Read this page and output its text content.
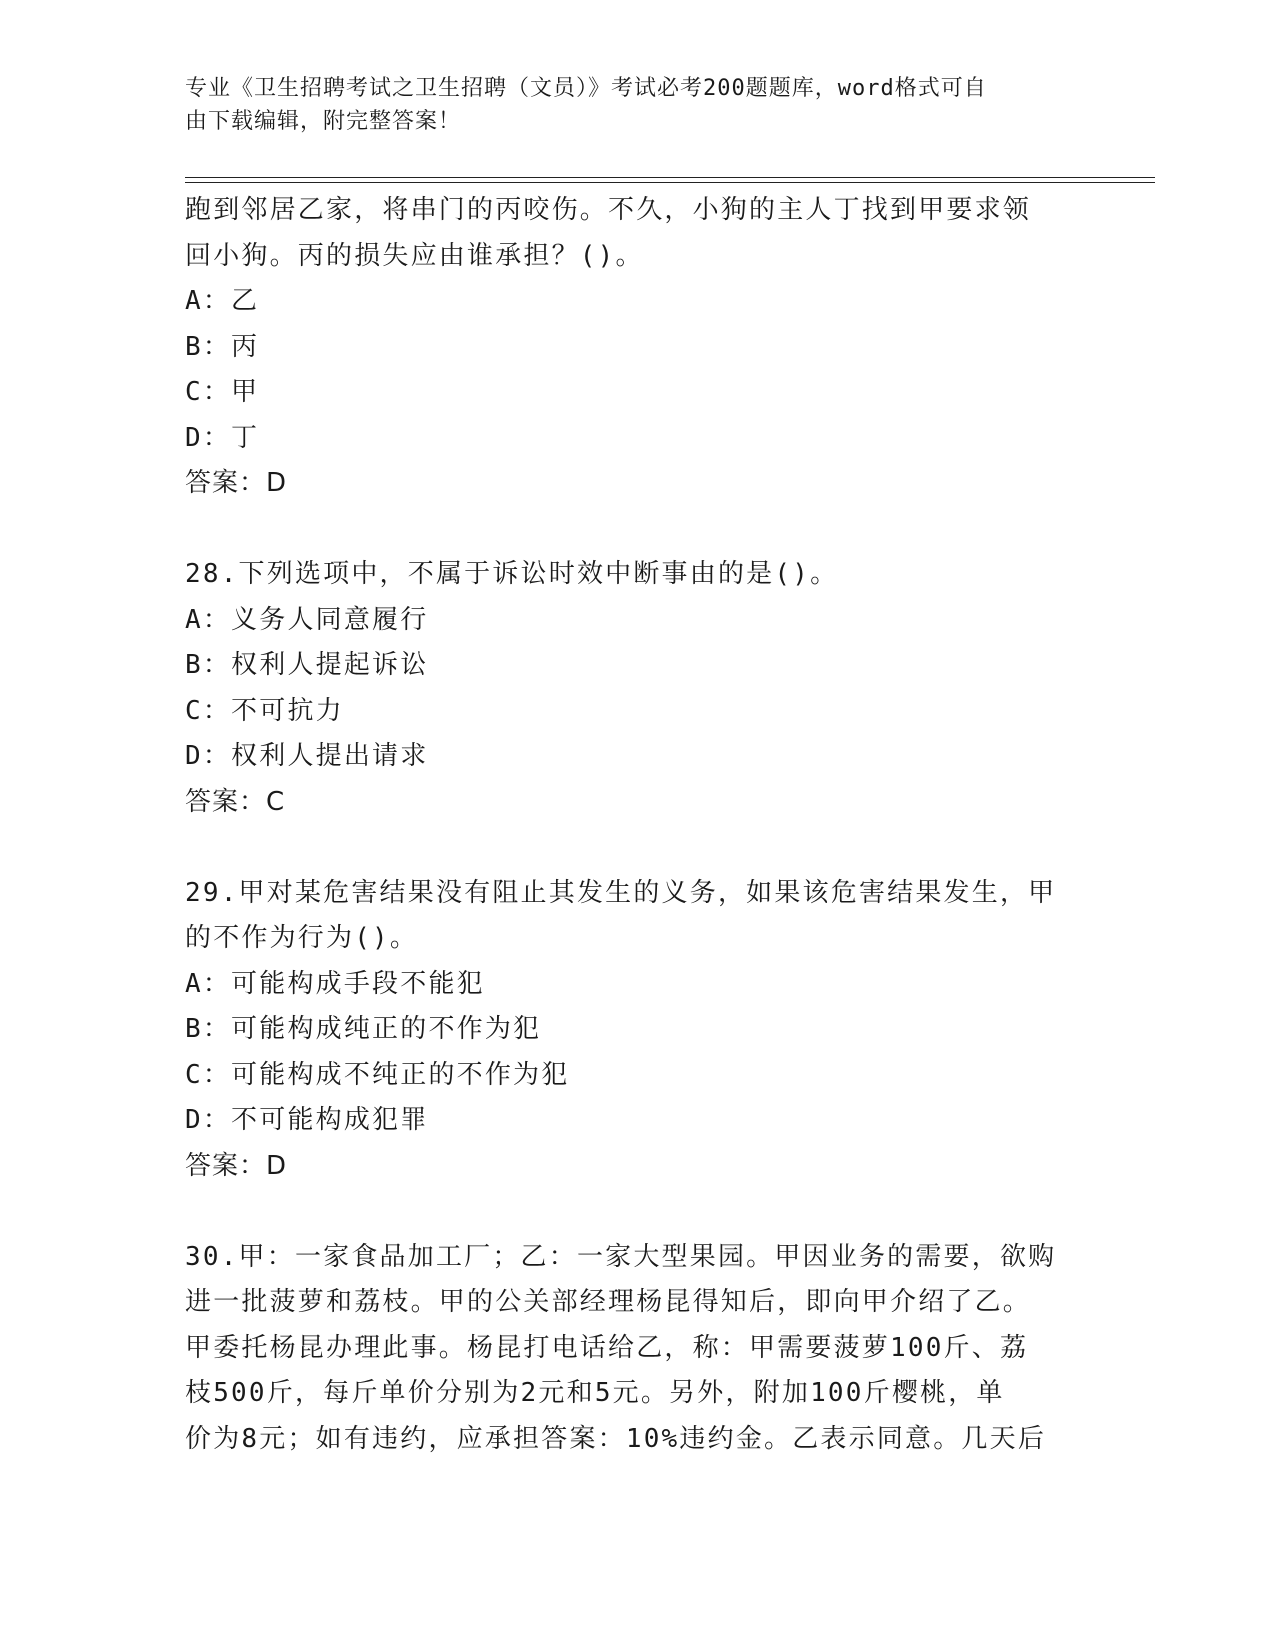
专业《卫生招聘考试之卫生招聘（文员）》考试必考200题题库，word格式可自
由下载编辑，附完整答案！
跑到邻居乙家，将串门的丙咬伤。不久，小狗的主人丁找到甲要求领
回小狗。丙的损失应由谁承担？()。
A：乙
B：丙
C：甲
D：丁
答案：D
28.下列选项中，不属于诉讼时效中断事由的是()。
A：义务人同意履行
B：权利人提起诉讼
C：不可抗力
D：权利人提出请求
答案：C
29.甲对某危害结果没有阻止其发生的义务，如果该危害结果发生，甲
的不作为行为()。
A：可能构成手段不能犯
B：可能构成纯正的不作为犯
C：可能构成不纯正的不作为犯
D：不可能构成犯罪
答案：D
30.甲：一家食品加工厂；乙：一家大型果园。甲因业务的需要，欲购
进一批菠萝和荔枝。甲的公关部经理杨昆得知后，即向甲介绍了乙。
甲委托杨昆办理此事。杨昆打电话给乙，称：甲需要菠萝100斤、荔
枝500斤，每斤单价分别为2元和5元。另外，附加100斤樱桃，单
价为8元；如有违约，应承担答案：10%违约金。乙表示同意。几天后
